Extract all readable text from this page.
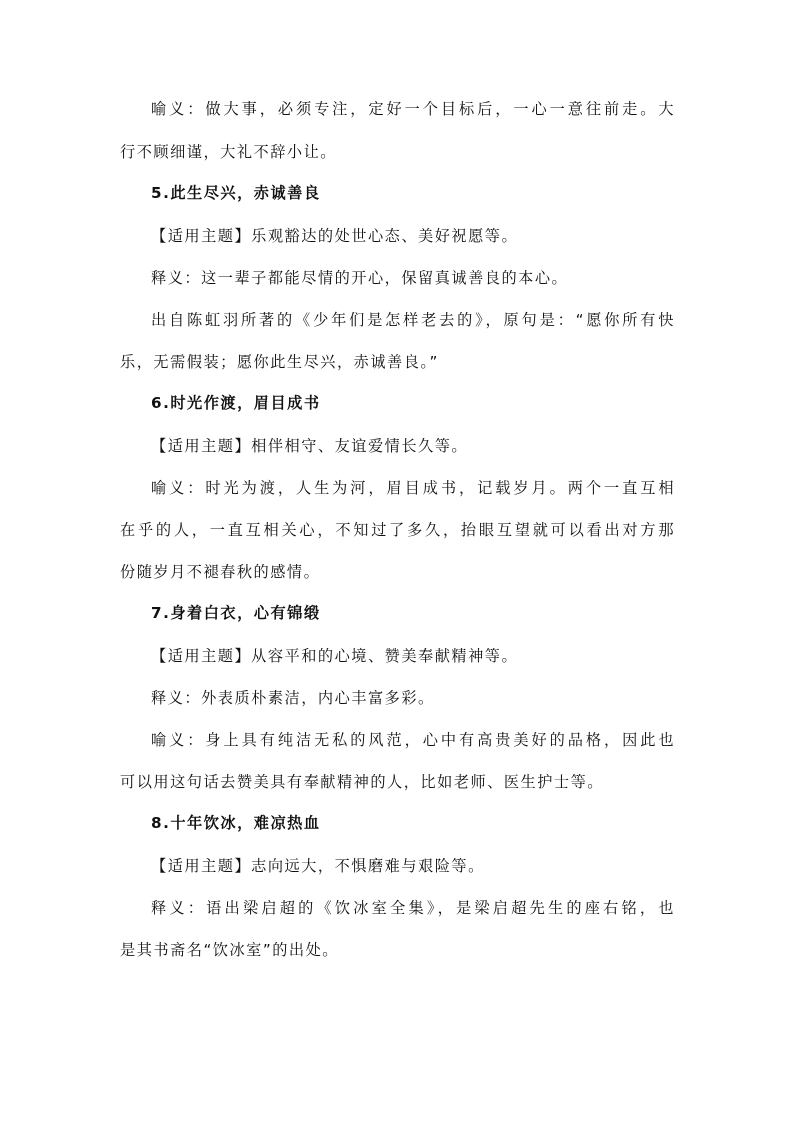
喻义：做大事，必须专注，定好一个目标后，一心一意往前走。大
行不顾细谨，大礼不辞小让。
5.此生尽兴，赤诚善良
【适用主题】乐观豁达的处世心态、美好祝愿等。
释义：这一辈子都能尽情的开心，保留真诚善良的本心。
出自陈虹羽所著的《少年们是怎样老去的》，原句是：“愿你所有快
乐，无需假装；愿你此生尽兴，赤诚善良。”
6.时光作渡，眉目成书
【适用主题】相伴相守、友谊爱情长久等。
喻义：时光为渡，人生为河，眉目成书，记载岁月。两个一直互相
在乎的人，一直互相关心，不知过了多久，抬眼互望就可以看出对方那
份随岁月不褪春秋的感情。
7.身着白衣，心有锦缎
【适用主题】从容平和的心境、赞美奉献精神等。
释义：外表质朴素洁，内心丰富多彩。
喻义：身上具有纯洁无私的风范，心中有高贵美好的品格，因此也
可以用这句话去赞美具有奉献精神的人，比如老师、医生护士等。
8.十年饮冰，难凉热血
【适用主题】志向远大，不惧磨难与艰险等。
释义：语出梁启超的《饮冰室全集》，是梁启超先生的座右铭，也
是其书斋名“饮冰室”的出处。
